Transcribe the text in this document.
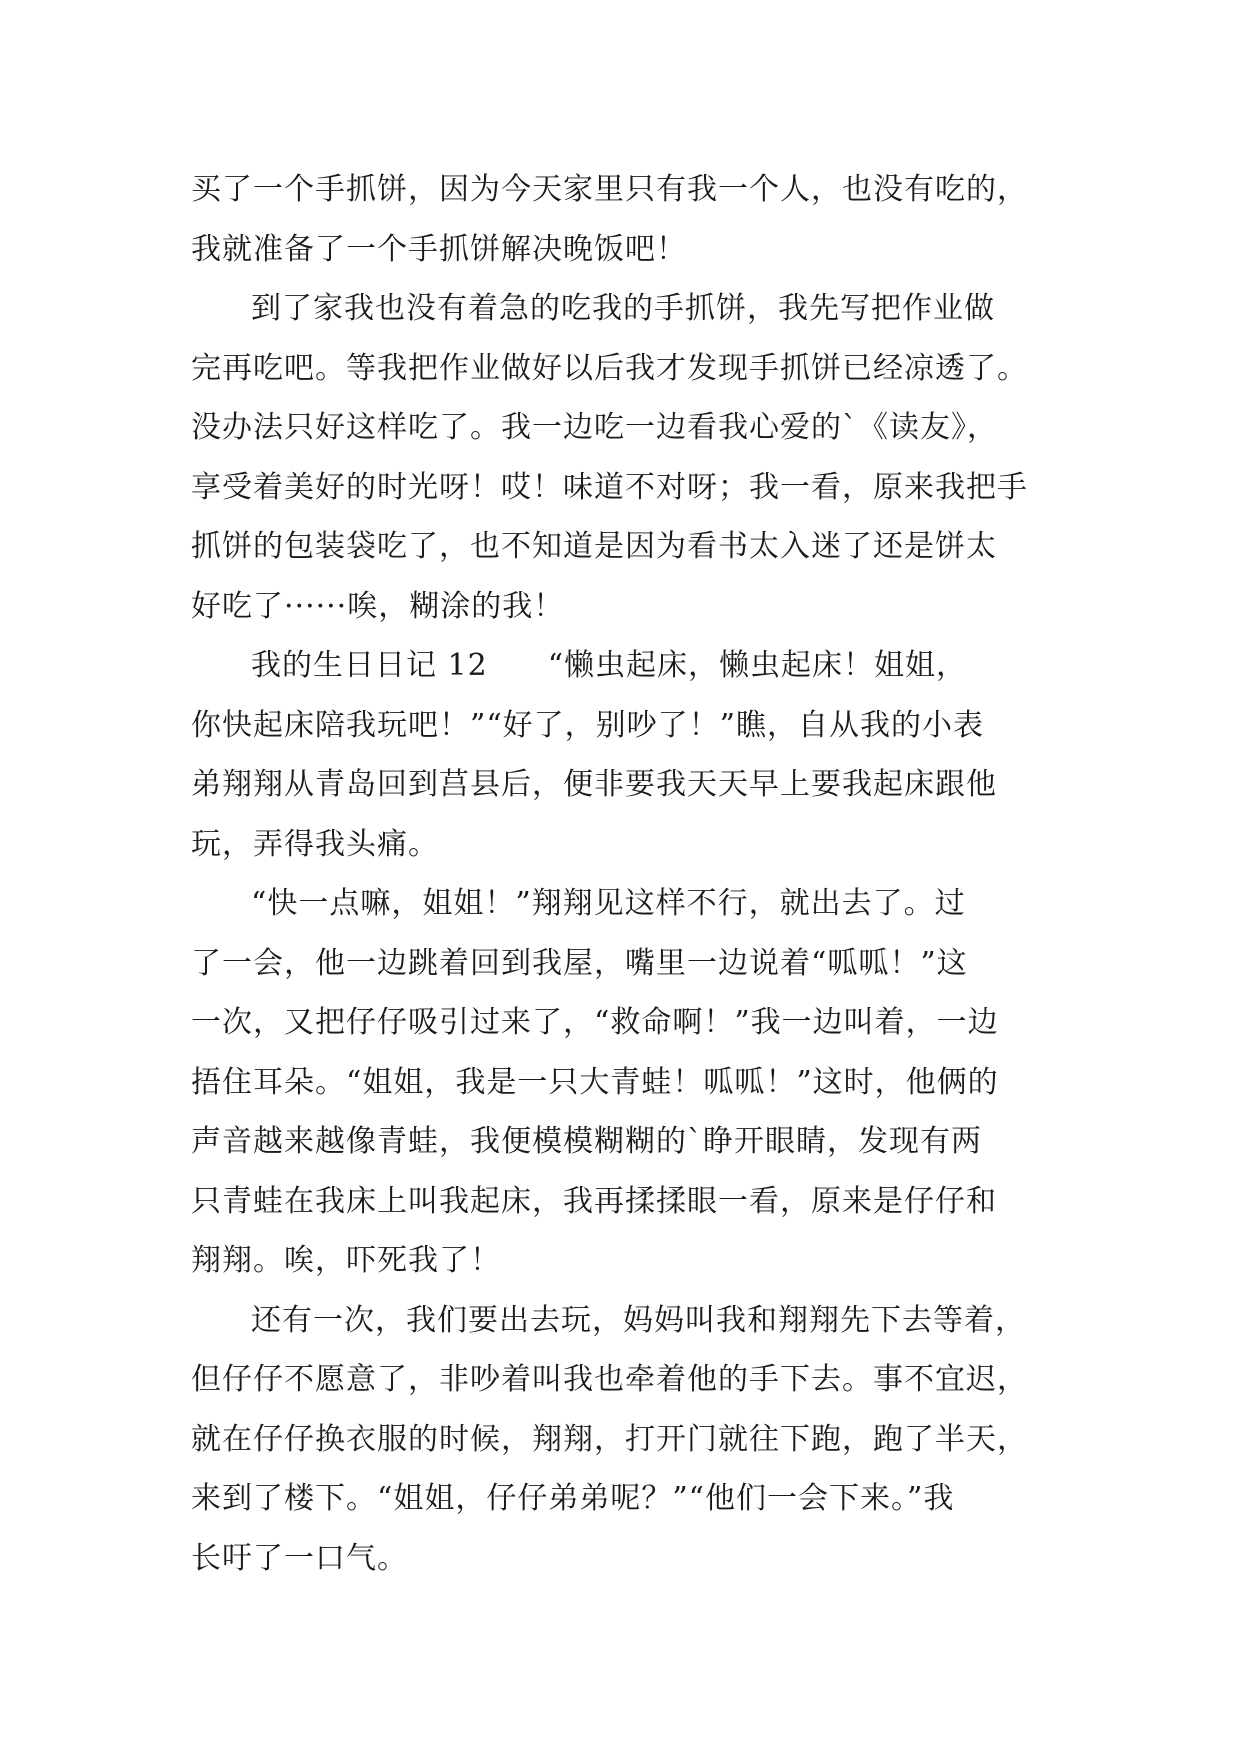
买了一个手抓饼，因为今天家里只有我一个人，也没有吃的，
我就准备了一个手抓饼解决晚饭吧！
到了家我也没有着急的吃我的手抓饼，我先写把作业做
完再吃吧。等我把作业做好以后我才发现手抓饼已经凉透了。
没办法只好这样吃了。我一边吃一边看我心爱的`《读友》，
享受着美好的时光呀！哎！味道不对呀；我一看，原来我把手
抓饼的包装袋吃了，也不知道是因为看书太入迷了还是饼太
好吃了······唉，糊涂的我！
我的生日日记 12 “懒虫起床，懒虫起床！姐姐，
你快起床陪我玩吧！”“好了，别吵了！”瞧，自从我的小表
弟翔翔从青岛回到莒县后，便非要我天天早上要我起床跟他
玩，弄得我头痛。
“快一点嘛，姐姐！”翔翔见这样不行，就出去了。过
了一会，他一边跳着回到我屋，嘴里一边说着“呱呱！”这
一次，又把仔仔吸引过来了，“救命啊！”我一边叫着，一边
捂住耳朵。“姐姐，我是一只大青蛙！呱呱！”这时，他俩的
声音越来越像青蛙，我便模模糊糊的`睁开眼睛，发现有两
只青蛙在我床上叫我起床，我再揉揉眼一看，原来是仔仔和
翔翔。唉，吓死我了！
还有一次，我们要出去玩，妈妈叫我和翔翔先下去等着，
但仔仔不愿意了，非吵着叫我也牵着他的手下去。事不宜迟，
就在仔仔换衣服的时候，翔翔，打开门就往下跑，跑了半天，
来到了楼下。“姐姐，仔仔弟弟呢？”“他们一会下来。”我
长吁了一口气。
